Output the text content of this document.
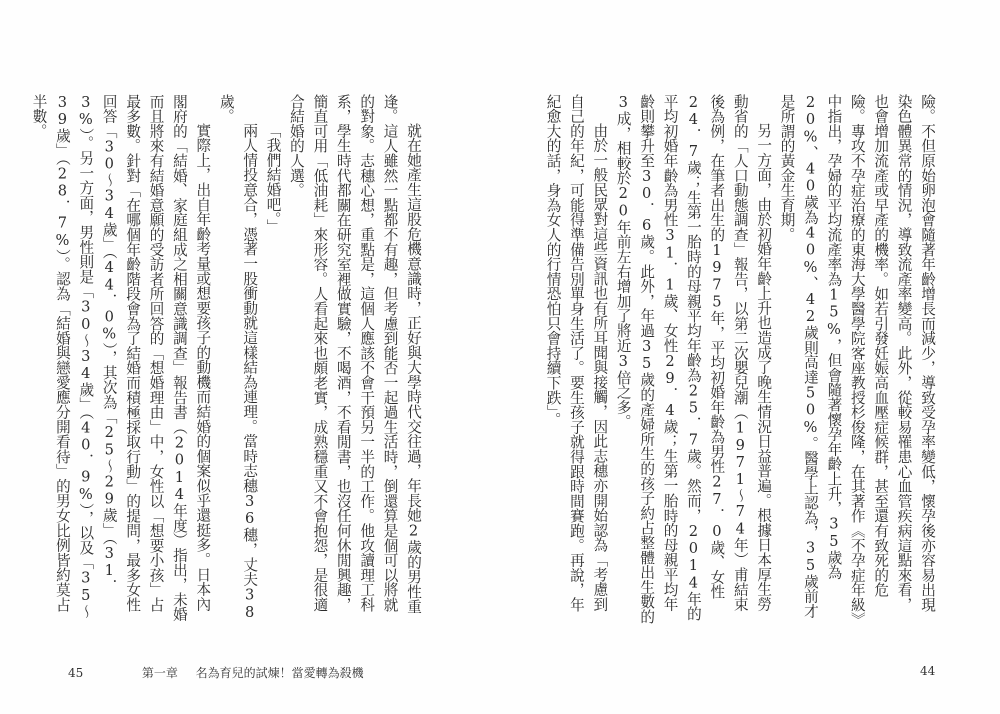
就在她產生這股危機意識時，正好與大學時代交往過，年長她2歲的男性重逢。這人雖然一點都不有趣，但考慮到能否一起過生活時，倒還算是個可以將就的對象。志穗心想，重點是，這個人應該不會干預另一半的工作。他攻讀理工科系，學生時代都關在研究室裡做實驗，不喝酒，不看閒書，也沒任何休閒興趣，簡直可用「低油耗」來形容。人看起來也頗老實，成熟穩重又不會抱怨，是很適合結婚的人選。

「我們結婚吧。」

兩人情投意合，憑著一股衝動就這樣結為連理。當時志穗36穗，丈夫38歲。

實際上，出自年齡考量或想要孩子的動機而結婚的個案似乎還挺多。日本內閣府的「結婚、家庭組成之相關意識調查」報告書（2014年度）指出，未婚而且將來有結婚意願的受訪者所回答的「想婚理由」中，女性以「想要小孩」占最多數。針對「在哪個年齡階段會為了結婚而積極採取行動」的提問，最多女性回答「30～34歲」（44．0%），其次為「25～29歲」（31．3%）。另一方面，男性則是「30～34歲」（40．9%），以及「35～39歲」（28．7%）。認為「結婚與戀愛應分開看待」的男女比例皆約莫占半數。

45	第一章 名為育兒的試煉！當愛轉為殺機

險。不但原始卵泡會隨著年齡增長而減少，導致受孕率變低，懷孕後亦容易出現染色體異常的情況，導致流產率變高。此外，從較易罹患心血管疾病這點來看，也會增加流產或早產的機率。如若引發妊娠高血壓症候群，甚至還有致死的危險。專攻不孕症治療的東海大學醫學院客座教授杉俊隆，在其著作《不孕症年級》中指出，孕婦的平均流產率為15%，但會隨著懷孕年齡上升，35歲為20%、40歲為40%、42歲則高達50%。醫學上認為，35歲前才是所謂的黃金生育期。

另一方面，由於初婚年齡上升也造成了晚生情況日益普遍。根據日本厚生勞動省的「人口動態調查」報告，以第二次嬰兒潮（1971～74年）甫結束後為例，在筆者出生的1975年，平均初婚年齡為男性27．0歲、女性24．7歲；生第一胎時的母親平均年齡為25．7歲。然而，2014年的平均初婚年齡為男性31．1歲、女性29．4歲；生第一胎時的母親平均年齡則攀升至30．6歲。此外，年過35歲的產婦所生的孩子約占整體出生數的3成，相較於20年前左右增加了將近3倍之多。

由於一般民眾對這些資訊也有所耳聞與接觸，因此志穗亦開始認為「考慮到自己的年紀，可能得準備告別單身生活了。要生孩子就得跟時間賽跑。再說，年紀愈大的話，身為女人的行情恐怕只會持續下跌」。

44
